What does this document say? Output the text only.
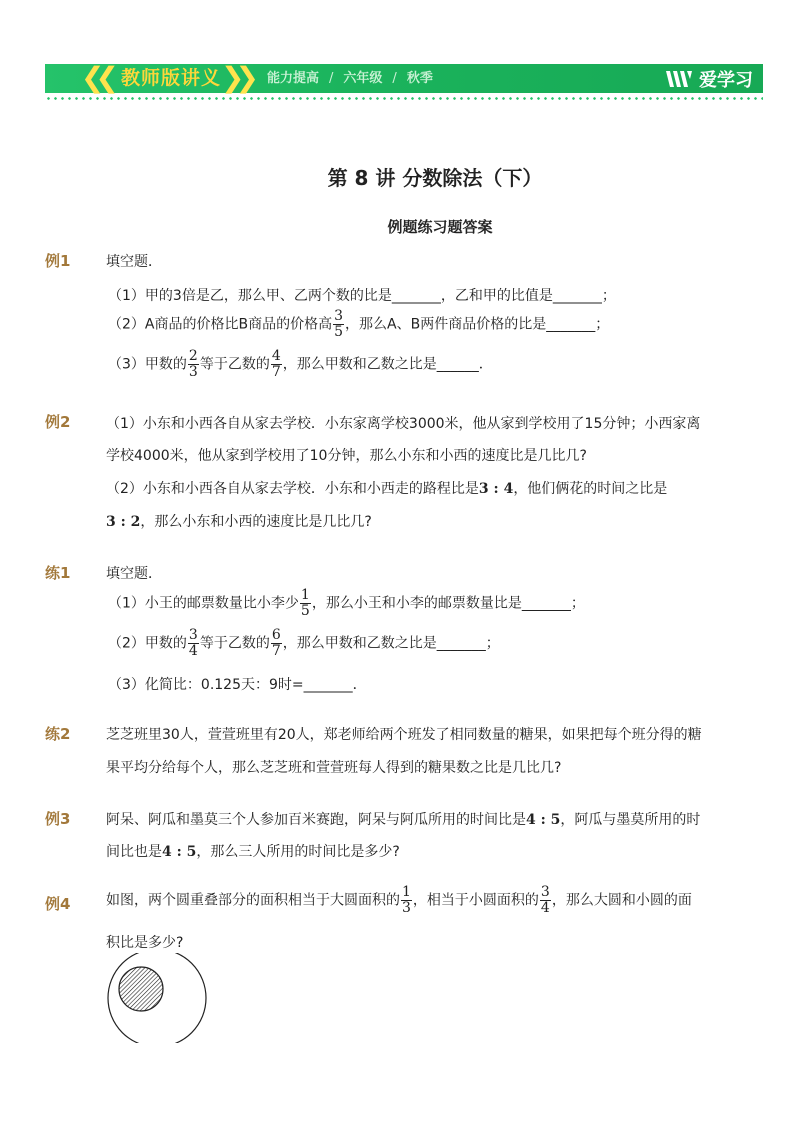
❮❮ 教师版讲义 ❯❯ 能力提高 / 六年级 / 秋季	爱学习
第 8 讲 分数除法（下）
例题练习题答案
例1	填空题．
（1）甲的3倍是乙，那么甲、乙两个数的比是_______，乙和甲的比值是_______；
（2）A商品的价格比B商品的价格高 $\frac{3}{5}$ ，那么A、B两件商品价格的比是_______；
（3）甲数的 $\frac{2}{3}$ 等于乙数的 $\frac{4}{7}$ ，那么甲数和乙数之比是______．
例2	（1）小东和小西各自从家去学校．小东家离学校3000米，他从家到学校用了15分钟；小西家离
学校4000米，他从家到学校用了10分钟，那么小东和小西的速度比是几比几?
（2）小东和小西各自从家去学校．小东和小西走的路程比是3 : 4，他们俩花的时间之比是
3 : 2，那么小东和小西的速度比是几比几?
练1	填空题．
（1）小王的邮票数量比小李少 $\frac{1}{5}$ ，那么小王和小李的邮票数量比是_______；
（2）甲数的 $\frac{3}{4}$ 等于乙数的 $\frac{6}{7}$ ，那么甲数和乙数之比是_______；
（3）化简比：0.125天：9时=_______．
练2	芝芝班里30人，萱萱班里有20人，郑老师给两个班发了相同数量的糖果，如果把每个班分得的糖
果平均分给每个人，那么芝芝班和萱萱班每人得到的糖果数之比是几比几?
例3	阿呆、阿瓜和墨莫三个人参加百米赛跑，阿呆与阿瓜所用的时间比是4 : 5，阿瓜与墨莫所用的时
间比也是4 : 5，那么三人所用的时间比是多少?
例4	如图，两个圆重叠部分的面积相当于大圆面积的 $\frac{1}{3}$ ，相当于小圆面积的 $\frac{3}{4}$ ，那么大圆和小圆的面
积比是多少?
